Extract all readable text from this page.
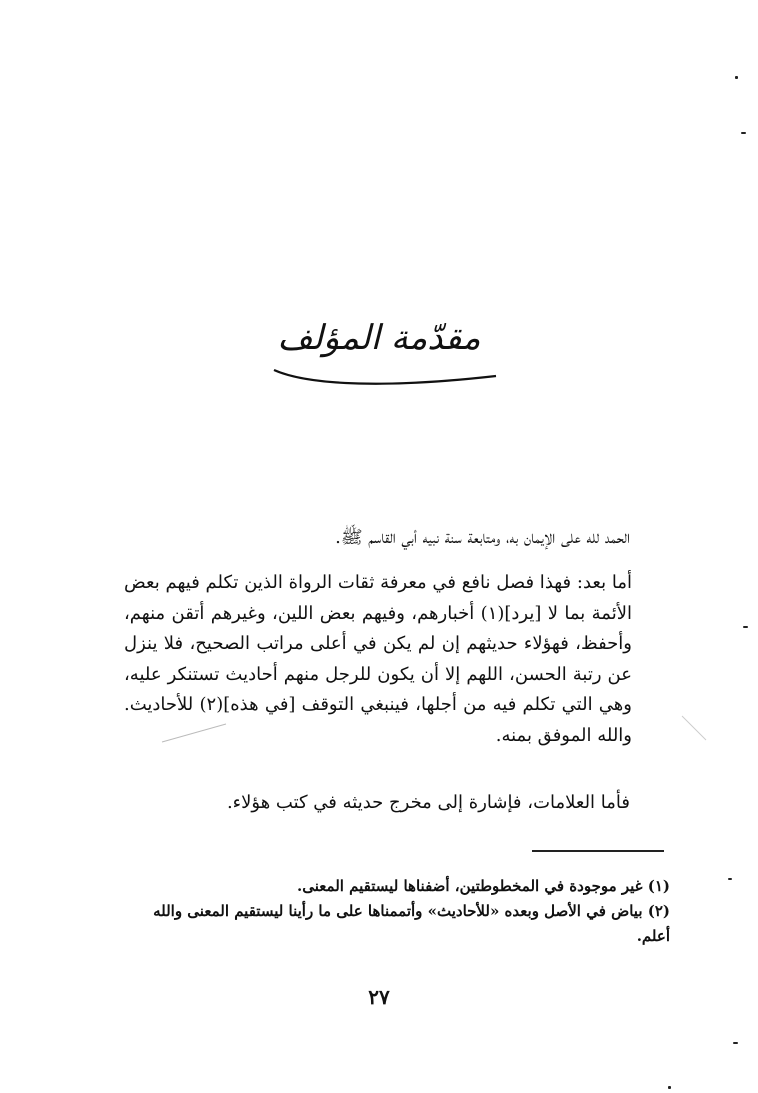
مقدّمة المؤلف

الحمد لله على الإيمان به، ومتابعة سنة نبيه أبي القاسم ﷺ.

أما بعد: فهذا فصل نافع في معرفة ثقات الرواة الذين تكلم فيهم بعض الأئمة بما لا [يرد](١) أخبارهم، وفيهم بعض اللين، وغيرهم أتقن منهم، وأحفظ، فهؤلاء حديثهم إن لم يكن في أعلى مراتب الصحيح، فلا ينزل عن رتبة الحسن، اللهم إلا أن يكون للرجل منهم أحاديث تستنكر عليه، وهي التي تكلم فيه من أجلها، فينبغي التوقف [في هذه](٢) للأحاديث. والله الموفق بمنه.

فأما العلامات، فإشارة إلى مخرج حديثه في كتب هؤلاء.

(١) غير موجودة في المخطوطتين، أضفناها ليستقيم المعنى.

(٢) بياض في الأصل وبعده «للأحاديث» وأتممناها على ما رأينا ليستقيم المعنى والله أعلم.

٢٧
